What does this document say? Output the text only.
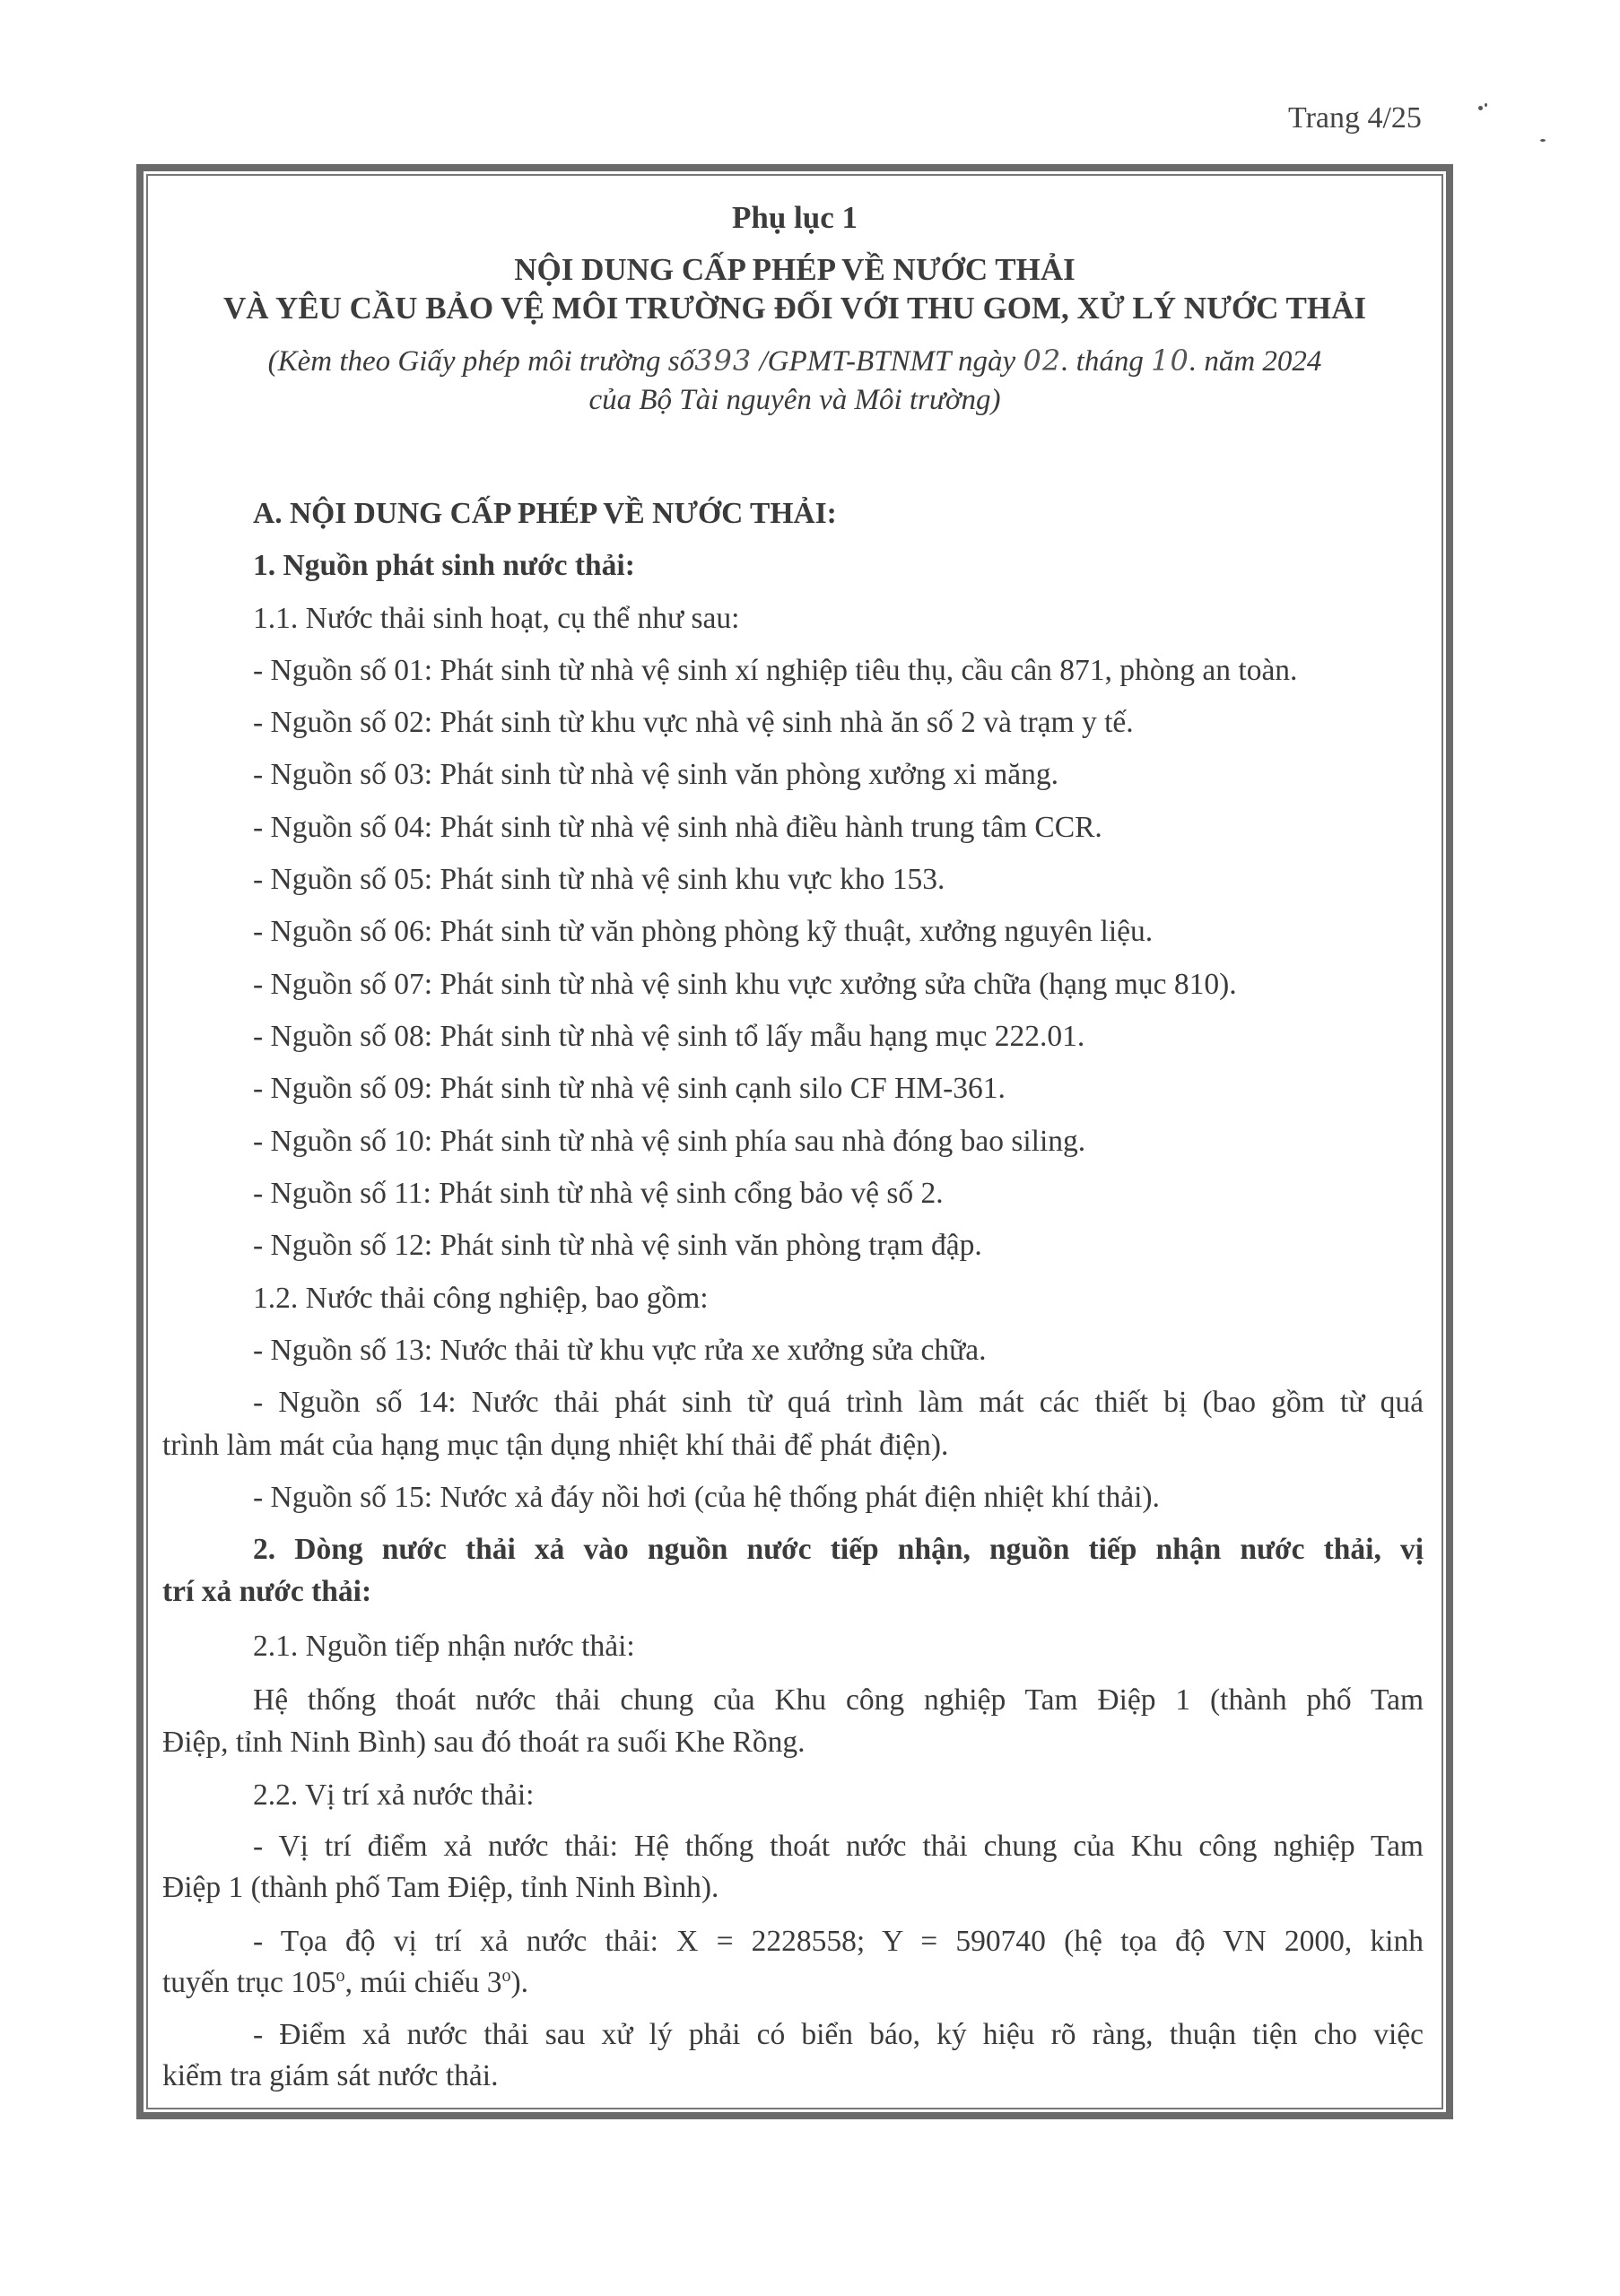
Trang 4/25
Phụ lục 1
NỘI DUNG CẤP PHÉP VỀ NƯỚC THẢI
VÀ YÊU CẦU BẢO VỆ MÔI TRƯỜNG ĐỐI VỚI THU GOM, XỬ LÝ NƯỚC THẢI
(Kèm theo Giấy phép môi trường số393 /GPMT-BTNMT ngày 02. tháng 10. năm 2024
của Bộ Tài nguyên và Môi trường)
A. NỘI DUNG CẤP PHÉP VỀ NƯỚC THẢI:
1. Nguồn phát sinh nước thải:
1.1. Nước thải sinh hoạt, cụ thể như sau:
- Nguồn số 01: Phát sinh từ nhà vệ sinh xí nghiệp tiêu thụ, cầu cân 871, phòng an toàn.
- Nguồn số 02: Phát sinh từ khu vực nhà vệ sinh nhà ăn số 2 và trạm y tế.
- Nguồn số 03: Phát sinh từ nhà vệ sinh văn phòng xưởng xi măng.
- Nguồn số 04: Phát sinh từ nhà vệ sinh nhà điều hành trung tâm CCR.
- Nguồn số 05: Phát sinh từ nhà vệ sinh khu vực kho 153.
- Nguồn số 06: Phát sinh từ văn phòng phòng kỹ thuật, xưởng nguyên liệu.
- Nguồn số 07: Phát sinh từ nhà vệ sinh khu vực xưởng sửa chữa (hạng mục 810).
- Nguồn số 08: Phát sinh từ nhà vệ sinh tổ lấy mẫu hạng mục 222.01.
- Nguồn số 09: Phát sinh từ nhà vệ sinh cạnh silo CF HM-361.
- Nguồn số 10: Phát sinh từ nhà vệ sinh phía sau nhà đóng bao siling.
- Nguồn số 11: Phát sinh từ nhà vệ sinh cổng bảo vệ số 2.
- Nguồn số 12: Phát sinh từ nhà vệ sinh văn phòng trạm đập.
1.2. Nước thải công nghiệp, bao gồm:
- Nguồn số 13: Nước thải từ khu vực rửa xe xưởng sửa chữa.
- Nguồn số 14: Nước thải phát sinh từ quá trình làm mát các thiết bị (bao gồm từ quá
trình làm mát của hạng mục tận dụng nhiệt khí thải để phát điện).
- Nguồn số 15: Nước xả đáy nồi hơi (của hệ thống phát điện nhiệt khí thải).
2. Dòng nước thải xả vào nguồn nước tiếp nhận, nguồn tiếp nhận nước thải, vị
trí xả nước thải:
2.1. Nguồn tiếp nhận nước thải:
Hệ thống thoát nước thải chung của Khu công nghiệp Tam Điệp 1 (thành phố Tam
Điệp, tỉnh Ninh Bình) sau đó thoát ra suối Khe Rồng.
2.2. Vị trí xả nước thải:
- Vị trí điểm xả nước thải: Hệ thống thoát nước thải chung của Khu công nghiệp Tam
Điệp 1 (thành phố Tam Điệp, tỉnh Ninh Bình).
- Tọa độ vị trí xả nước thải: X = 2228558; Y = 590740 (hệ tọa độ VN 2000, kinh
tuyến trục 105$^o$, múi chiếu 3$^o$).
- Điểm xả nước thải sau xử lý phải có biển báo, ký hiệu rõ ràng, thuận tiện cho việc
kiểm tra giám sát nước thải.
